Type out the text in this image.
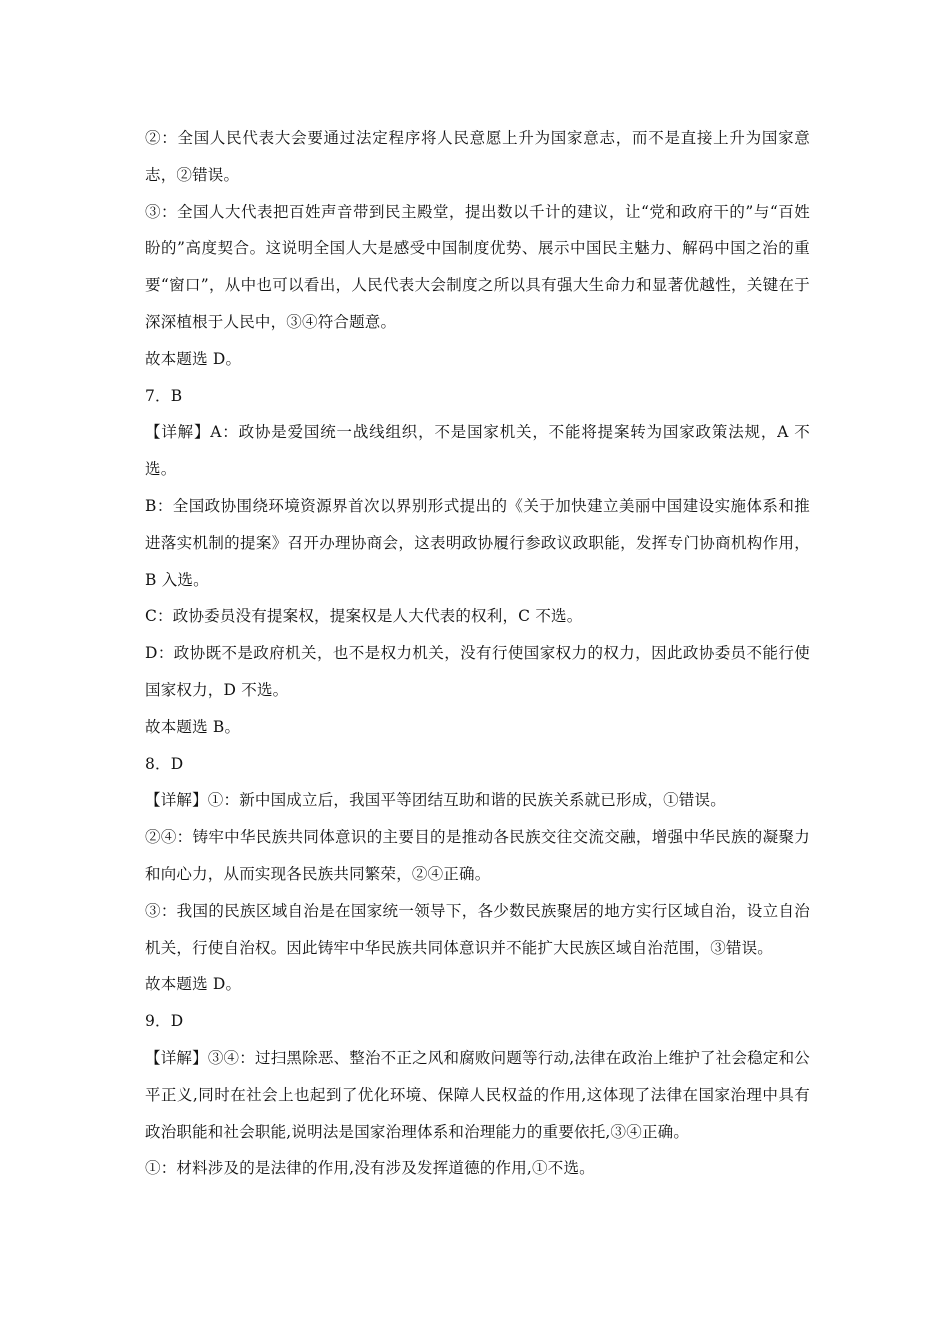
②：全国人民代表大会要通过法定程序将人民意愿上升为国家意志，而不是直接上升为国家意志，②错误。

③：全国人大代表把百姓声音带到民主殿堂，提出数以千计的建议，让“党和政府干的”与“百姓盼的”高度契合。这说明全国人大是感受中国制度优势、展示中国民主魅力、解码中国之治的重要“窗口”，从中也可以看出，人民代表大会制度之所以具有强大生命力和显著优越性，关键在于深深植根于人民中，③④符合题意。

故本题选 D。

7．B

【详解】A：政协是爱国统一战线组织，不是国家机关，不能将提案转为国家政策法规，A 不选。

B：全国政协围绕环境资源界首次以界别形式提出的《关于加快建立美丽中国建设实施体系和推进落实机制的提案》召开办理协商会，这表明政协履行参政议政职能，发挥专门协商机构作用，B 入选。

C：政协委员没有提案权，提案权是人大代表的权利，C 不选。

D：政协既不是政府机关，也不是权力机关，没有行使国家权力的权力，因此政协委员不能行使国家权力，D 不选。

故本题选 B。

8．D

【详解】①：新中国成立后，我国平等团结互助和谐的民族关系就已形成，①错误。

②④：铸牢中华民族共同体意识的主要目的是推动各民族交往交流交融，增强中华民族的凝聚力和向心力，从而实现各民族共同繁荣，②④正确。

③：我国的民族区域自治是在国家统一领导下，各少数民族聚居的地方实行区域自治，设立自治机关，行使自治权。因此铸牢中华民族共同体意识并不能扩大民族区域自治范围，③错误。

故本题选 D。

9．D

【详解】③④：过扫黑除恶、整治不正之风和腐败问题等行动,法律在政治上维护了社会稳定和公平正义,同时在社会上也起到了优化环境、保障人民权益的作用,这体现了法律在国家治理中具有政治职能和社会职能,说明法是国家治理体系和治理能力的重要依托,③④正确。

①：材料涉及的是法律的作用,没有涉及发挥道德的作用,①不选。
